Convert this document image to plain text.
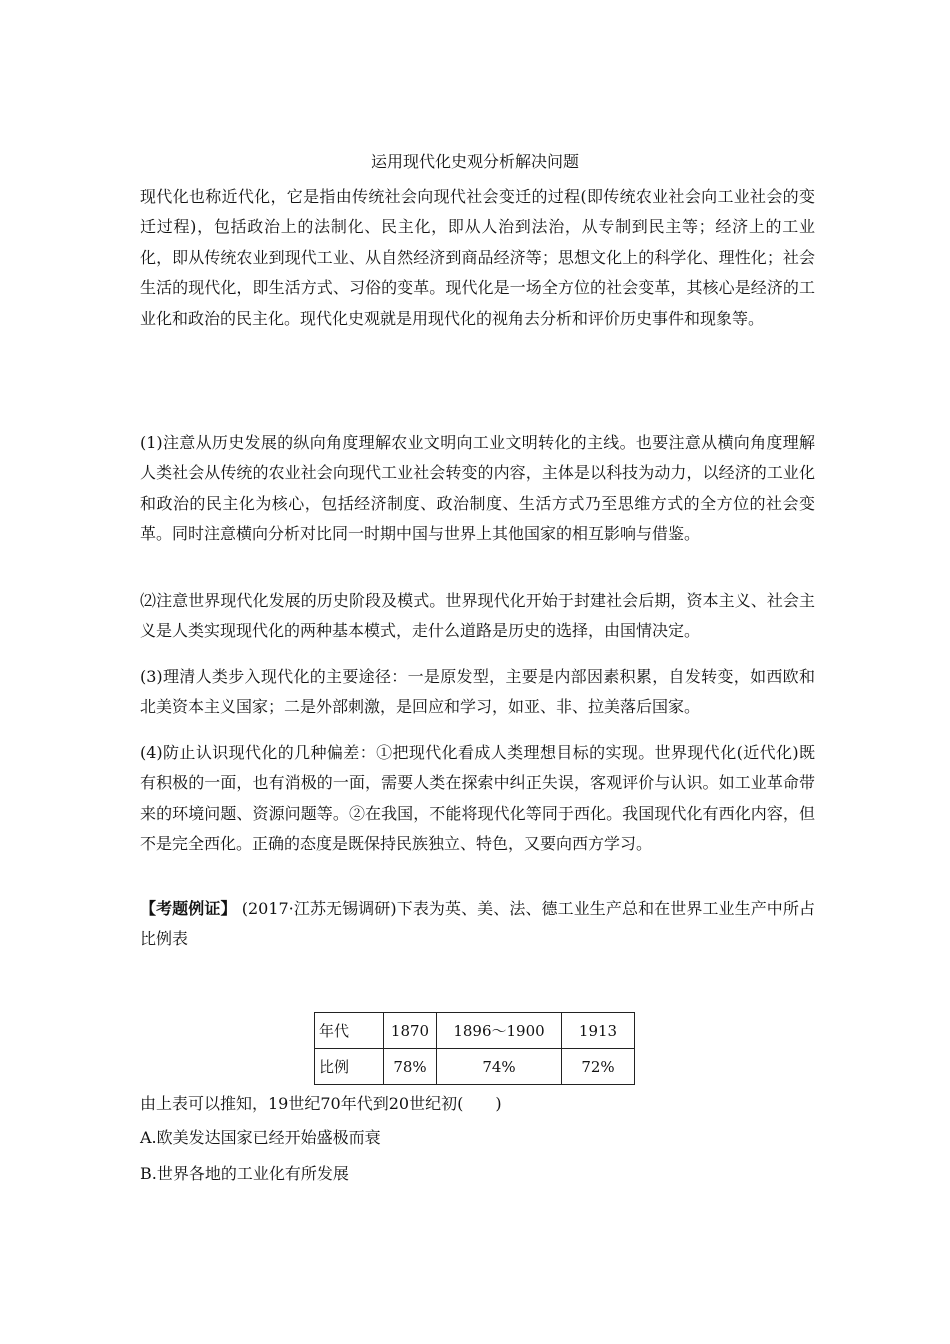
运用现代化史观分析解决问题

现代化也称近代化，它是指由传统社会向现代社会变迁的过程(即传统农业社会向工业社会的变迁过程)，包括政治上的法制化、民主化，即从人治到法治，从专制到民主等；经济上的工业化，即从传统农业到现代工业、从自然经济到商品经济等；思想文化上的科学化、理性化；社会生活的现代化，即生活方式、习俗的变革。现代化是一场全方位的社会变革，其核心是经济的工业化和政治的民主化。现代化史观就是用现代化的视角去分析和评价历史事件和现象等。

(1)注意从历史发展的纵向角度理解农业文明向工业文明转化的主线。也要注意从横向角度理解人类社会从传统的农业社会向现代工业社会转变的内容，主体是以科技为动力，以经济的工业化和政治的民主化为核心，包括经济制度、政治制度、生活方式乃至思维方式的全方位的社会变革。同时注意横向分析对比同一时期中国与世界上其他国家的相互影响与借鉴。

⑵注意世界现代化发展的历史阶段及模式。世界现代化开始于封建社会后期，资本主义、社会主义是人类实现现代化的两种基本模式，走什么道路是历史的选择，由国情决定。

(3)理清人类步入现代化的主要途径：一是原发型，主要是内部因素积累，自发转变，如西欧和北美资本主义国家；二是外部刺激，是回应和学习，如亚、非、拉美落后国家。

(4)防止认识现代化的几种偏差：①把现代化看成人类理想目标的实现。世界现代化(近代化)既有积极的一面，也有消极的一面，需要人类在探索中纠正失误，客观评价与认识。如工业革命带来的环境问题、资源问题等。②在我国，不能将现代化等同于西化。我国现代化有西化内容，但不是完全西化。正确的态度是既保持民族独立、特色，又要向西方学习。

【考题例证】 (2017·江苏无锡调研)下表为英、美、法、德工业生产总和在世界工业生产中所占比例表

年代	1870	1896～1900	1913
比例	78%	74%	72%
由上表可以推知，19世纪70年代到20世纪初(　　)
A.欧美发达国家已经开始盛极而衰
B.世界各地的工业化有所发展
